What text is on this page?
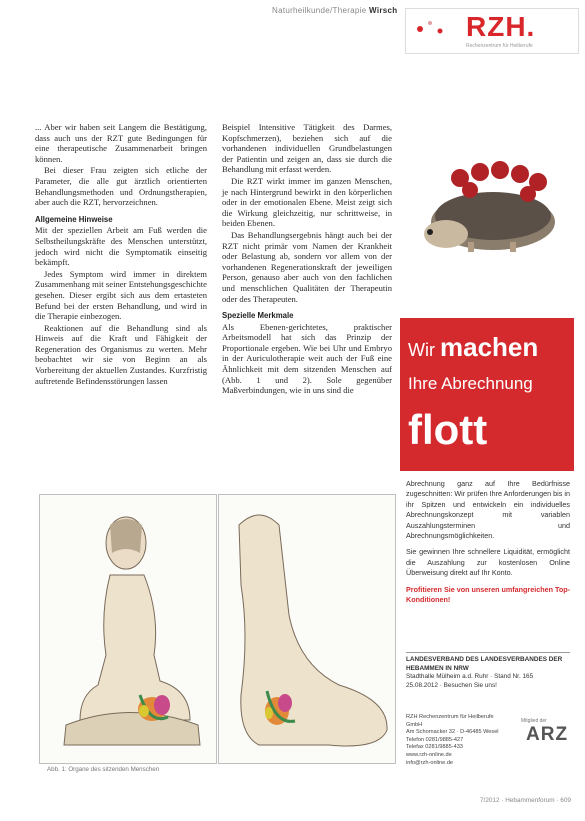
Naturheilkunde/Therapie Wirsch

... Aber wir haben seit Langem die Bestätigung, dass auch uns der RZT gute Bedingungen für eine therapeutische Zusammenarbeit bringen können.

Bei dieser Frau zeigten sich etliche der Parameter, die alle gut ärztlich orientierten Behandlungsmethoden und Ordnungstherapien, aber auch die RZT, hervorzeichnen.

Allgemeine Hinweise

Mit der speziellen Arbeit am Fuß werden die Selbstheilungskräfte des Menschen unterstützt, jedoch wird nicht die Symptomatik einseitig bekämpft.

Jedes Symptom wird immer in direktem Zusammenhang mit seiner Entstehungsgeschichte gesehen. Dieser ergibt sich aus dem ertasteten Befund bei der ersten Behandlung, und wird in die Therapie einbezogen.

Reaktionen auf die Behandlung sind als Hinweis auf die Kraft und Fähigkeit der Regeneration des Organismus zu werten. Mehr beobachtet wir sie von Beginn an als Vorbereitung der aktuellen Zustandes. Kurzfristig auftretende Befindensstörungen lassen

Beispiel Intensitive Tätigkeit des Darmes, Kopfschmerzen), beziehen sich auf die vorhandenen individuellen Grundbelastungen der Patientin und zeigen an, dass sie durch die Behandlung mit erfasst werden.

Die RZT wirkt immer im ganzen Menschen, je nach Hintergrund bewirkt in den körperlichen oder in der emotionalen Ebene. Meist zeigt sich die Wirkung gleichzeitig, nur schrittweise, in beiden Ebenen.

Das Behandlungsergebnis hängt auch bei der RZT nicht primär vom Namen der Krankheit oder Belastung ab, sondern vor allem von der vorhandenen Regenerationskraft der jeweiligen Person, genauso aber auch von den fachlichen und menschlichen Qualitäten der Therapeutin oder des Therapeuten.

Spezielle Merkmale

Als Ebenen-gerichtetes, praktischer Arbeitsmodell hat sich das Prinzip der Proportionale ergeben. Wie bei Uhr und Embryo in der Auriculotherapie weit auch der Fuß eine Ähnlichkeit mit dem sitzenden Menschen auf (Abb. 1 und 2). Sole gegenüber Maßverbindungen, wie in uns sind die

RZH.
Rechenzentrum für Heilberufe
Wir machen
Ihre Abrechnung
flott

Abrechnung ganz auf Ihre Bedürfnisse zugeschnitten: Wir prüfen Ihre Anforderungen bis in ihr Spitzen und entwickeln ein individuelles Abrechnungskonzept mit variablen Auszahlungsterminen und Abrechnungsmöglichkeiten.

Sie gewinnen Ihre schnellere Liquidität, ermöglicht die Auszahlung zur kostenlosen Online Überweisung direkt auf Ihr Konto.

Profitieren Sie von unseren umfangreichen Top-Konditionen!

LANDESVERBAND DES LANDESVERBANDES DER HEBAMMEN IN NRW
Stadthalle Mülheim a.d. Ruhr · Stand Nr. 165
25.08.2012 · Besuchen Sie uns!
RZH Rechenzentrum für Heilberufe GmbH
Am Schornacker 32 · D-46485 Wesel
Telefon 0281/9885-427
Telefax 0281/9885-433
www.rzh-online.de
info@rzh-online.de
Mitglied der
ARZ
Abb. 1: Organe des sitzenden Menschen
7/2012 · Hebammenforum · 609
